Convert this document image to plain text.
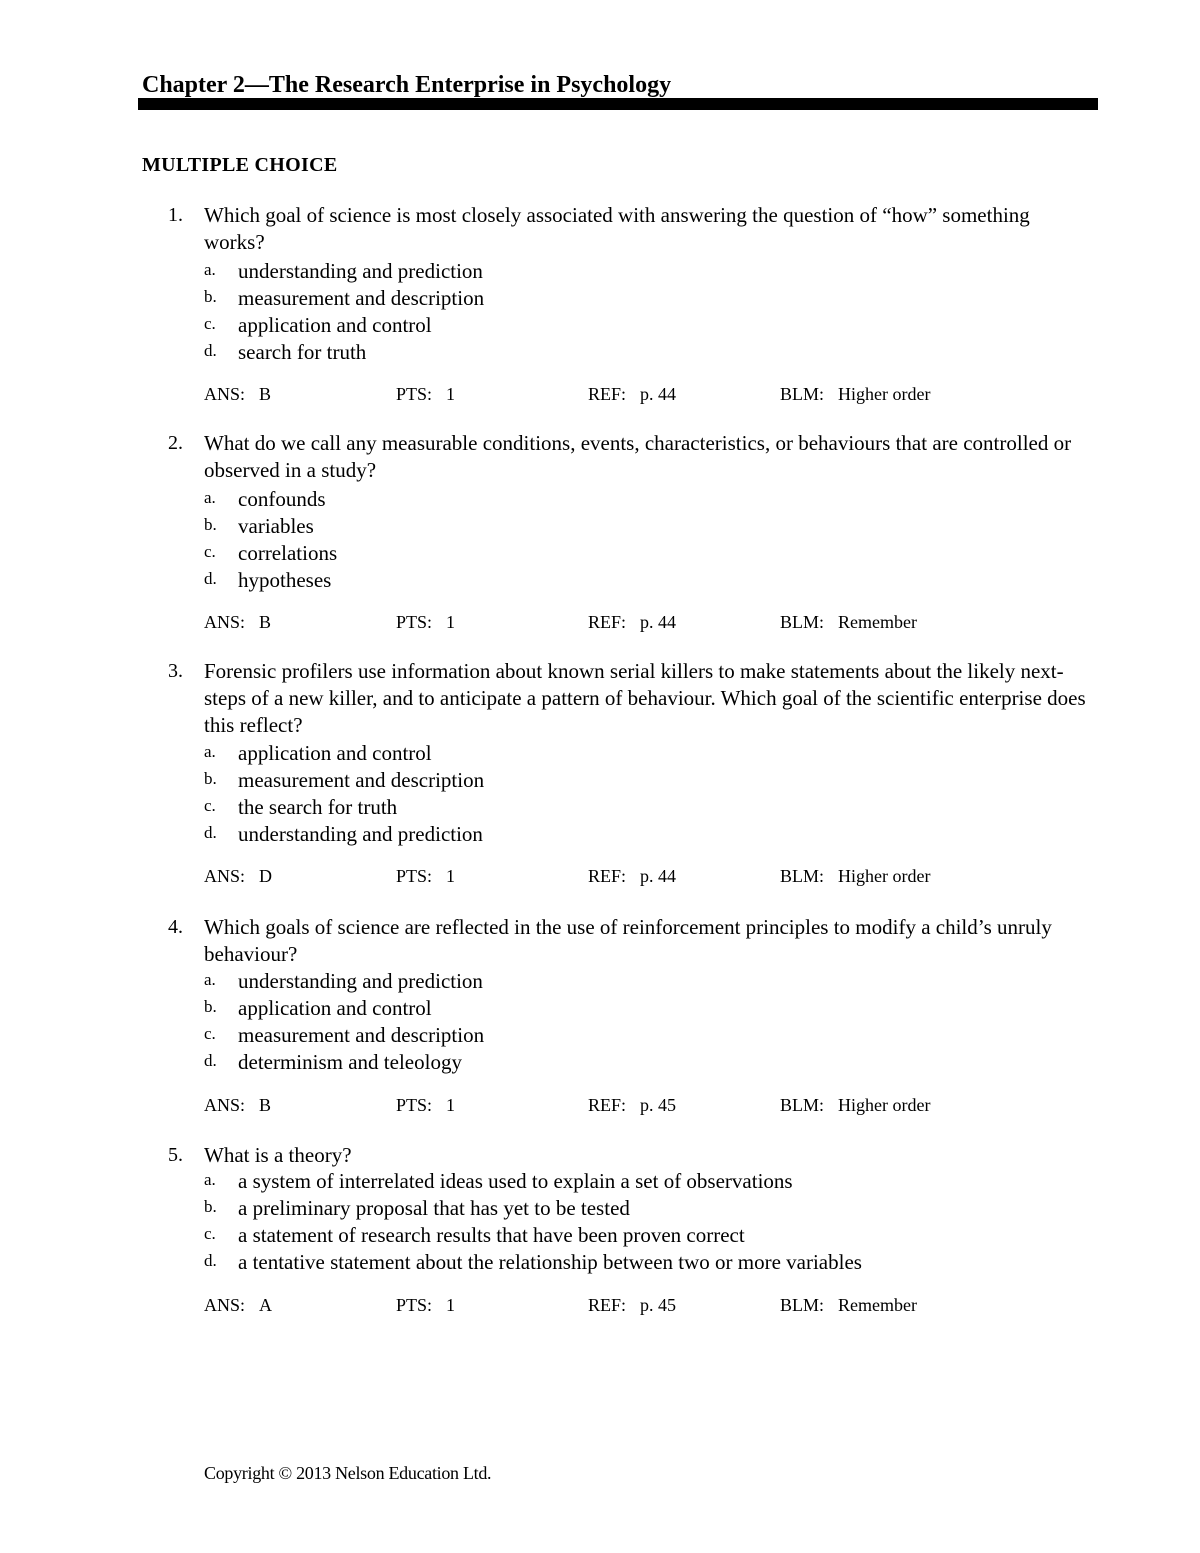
Chapter 2—The Research Enterprise in Psychology
MULTIPLE CHOICE
1. Which goal of science is most closely associated with answering the question of “how” something works?
a. understanding and prediction
b. measurement and description
c. application and control
d. search for truth
ANS: B	PTS: 1	REF: p. 44	BLM: Higher order
2. What do we call any measurable conditions, events, characteristics, or behaviours that are controlled or observed in a study?
a. confounds
b. variables
c. correlations
d. hypotheses
ANS: B	PTS: 1	REF: p. 44	BLM: Remember
3. Forensic profilers use information about known serial killers to make statements about the likely next-steps of a new killer, and to anticipate a pattern of behaviour. Which goal of the scientific enterprise does this reflect?
a. application and control
b. measurement and description
c. the search for truth
d. understanding and prediction
ANS: D	PTS: 1	REF: p. 44	BLM: Higher order
4. Which goals of science are reflected in the use of reinforcement principles to modify a child’s unruly behaviour?
a. understanding and prediction
b. application and control
c. measurement and description
d. determinism and teleology
ANS: B	PTS: 1	REF: p. 45	BLM: Higher order
5. What is a theory?
a. a system of interrelated ideas used to explain a set of observations
b. a preliminary proposal that has yet to be tested
c. a statement of research results that have been proven correct
d. a tentative statement about the relationship between two or more variables
ANS: A	PTS: 1	REF: p. 45	BLM: Remember
Copyright © 2013 Nelson Education Ltd.
